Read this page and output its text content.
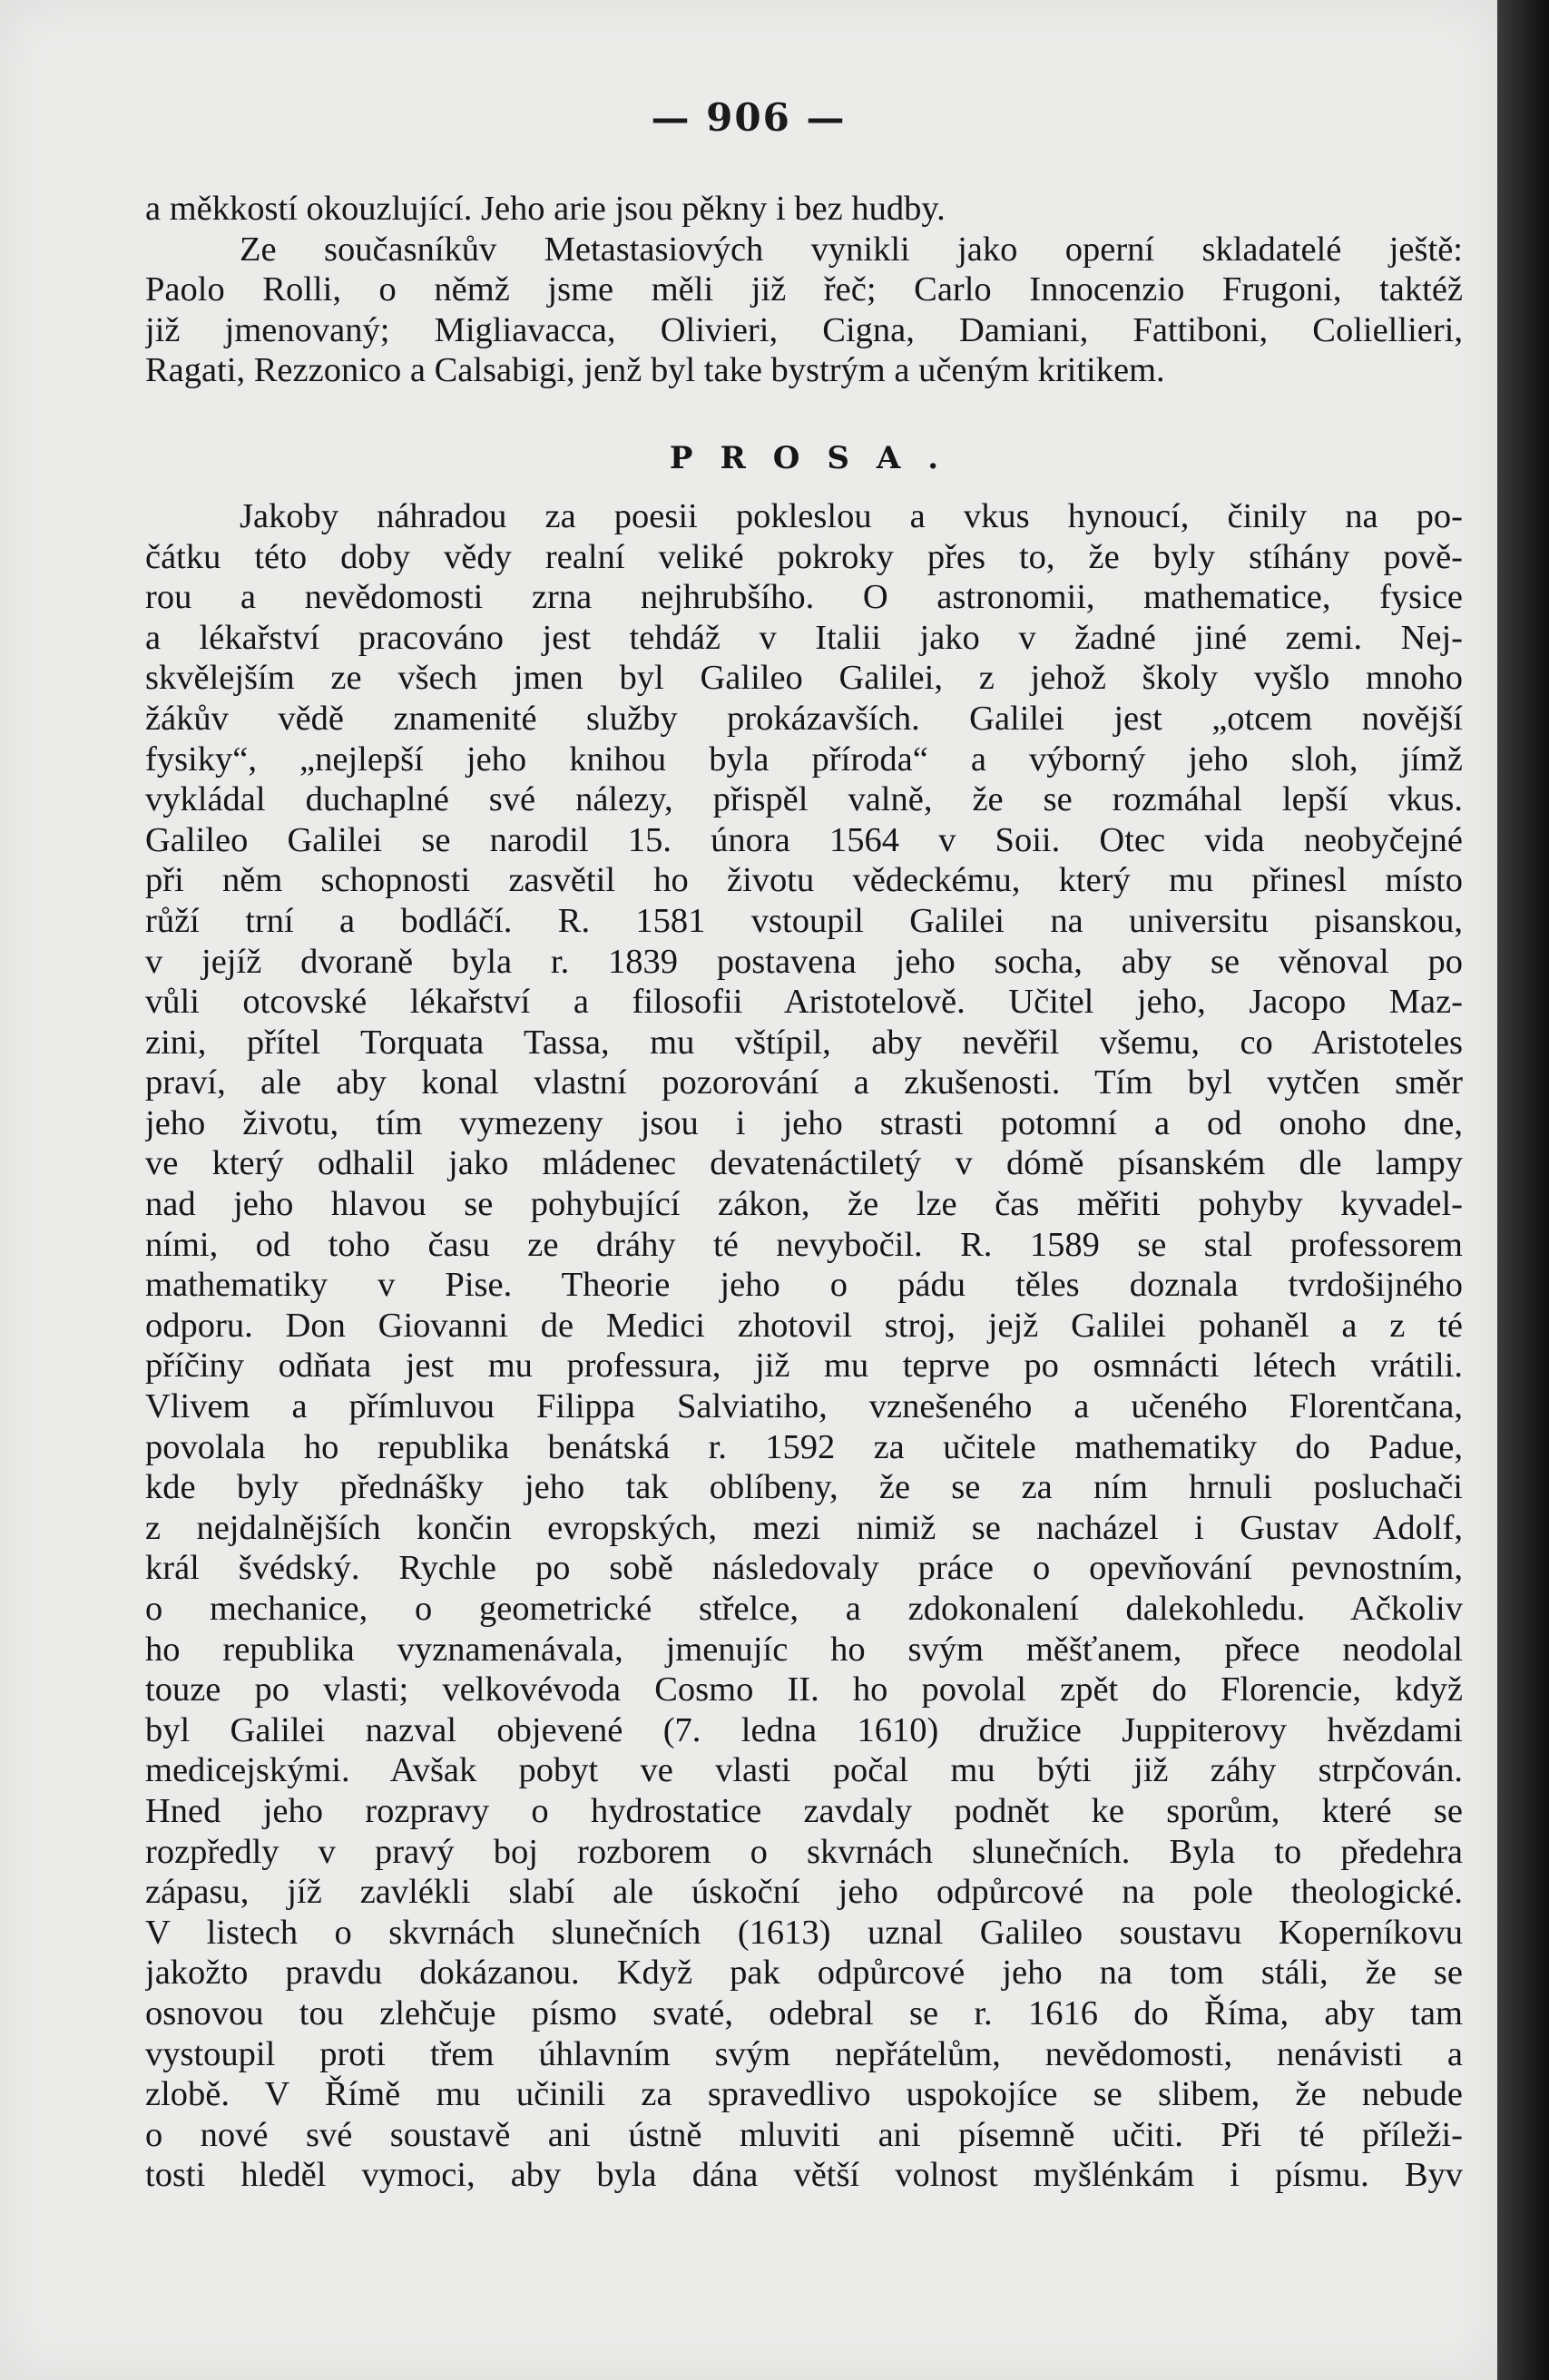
— 906 —
a měkkostí okouzlující. Jeho arie jsou pěkny i bez hudby.
Ze současníkův Metastasiových vynikli jako operní skladatelé ještě:
Paolo Rolli, o němž jsme měli již řeč; Carlo Innocenzio Frugoni, taktéž
již jmenovaný; Migliavacca, Olivieri, Cigna, Damiani, Fattiboni, Coliellieri,
Ragati, Rezzonico a Calsabigi, jenž byl take bystrým a učeným kritikem.
PROSA.
Jakoby náhradou za poesii pokleslou a vkus hynoucí, činily na po-
čátku této doby vědy realní veliké pokroky přes to, že byly stíhány pově-
rou a nevědomosti zrna nejhrubšího. O astronomii, mathematice, fysice
a lékařství pracováno jest tehdáž v Italii jako v žadné jiné zemi. Nej-
skvělejším ze všech jmen byl Galileo Galilei, z jehož školy vyšlo mnoho
žákův vědě znamenité služby prokázavších. Galilei jest „otcem novější
fysiky“, „nejlepší jeho knihou byla příroda“ a výborný jeho sloh, jímž
vykládal duchaplné své nálezy, přispěl valně, že se rozmáhal lepší vkus.
Galileo Galilei se narodil 15. února 1564 v Soii. Otec vida neobyčejné
při něm schopnosti zasvětil ho životu vědeckému, který mu přinesl místo
růží trní a bodláčí. R. 1581 vstoupil Galilei na universitu pisanskou,
v jejíž dvoraně byla r. 1839 postavena jeho socha, aby se věnoval po
vůli otcovské lékařství a filosofii Aristotelově. Učitel jeho, Jacopo Maz-
zini, přítel Torquata Tassa, mu vštípil, aby nevěřil všemu, co Aristoteles
praví, ale aby konal vlastní pozorování a zkušenosti. Tím byl vytčen směr
jeho životu, tím vymezeny jsou i jeho strasti potomní a od onoho dne,
ve který odhalil jako mládenec devatenáctiletý v dómě písanském dle lampy
nad jeho hlavou se pohybující zákon, že lze čas měřiti pohyby kyvadel-
ními, od toho času ze dráhy té nevybočil. R. 1589 se stal professorem
mathematiky v Pise. Theorie jeho o pádu těles doznala tvrdošijného
odporu. Don Giovanni de Medici zhotovil stroj, jejž Galilei pohaněl a z té
příčiny odňata jest mu professura, již mu teprve po osmnácti létech vrátili.
Vlivem a přímluvou Filippa Salviatiho, vznešeného a učeného Florentčana,
povolala ho republika benátská r. 1592 za učitele mathematiky do Padue,
kde byly přednášky jeho tak oblíbeny, že se za ním hrnuli posluchači
z nejdalnějších končin evropských, mezi nimiž se nacházel i Gustav Adolf,
král švédský. Rychle po sobě následovaly práce o opevňování pevnostním,
o mechanice, o geometrické střelce, a zdokonalení dalekohledu. Ačkoliv
ho republika vyznamenávala, jmenujíc ho svým měšťanem, přece neodolal
touze po vlasti; velkovévoda Cosmo II. ho povolal zpět do Florencie, když
byl Galilei nazval objevené (7. ledna 1610) družice Juppiterovy hvězdami
medicejskými. Avšak pobyt ve vlasti počal mu býti již záhy strpčován.
Hned jeho rozpravy o hydrostatice zavdaly podnět ke sporům, které se
rozpředly v pravý boj rozborem o skvrnách slunečních. Byla to předehra
zápasu, jíž zavlékli slabí ale úskoční jeho odpůrcové na pole theologické.
V listech o skvrnách slunečních (1613) uznal Galileo soustavu Koperníkovu
jakožto pravdu dokázanou. Když pak odpůrcové jeho na tom stáli, že se
osnovou tou zlehčuje písmo svaté, odebral se r. 1616 do Říma, aby tam
vystoupil proti třem úhlavním svým nepřátelům, nevědomosti, nenávisti a
zlobě. V Římě mu učinili za spravedlivo uspokojíce se slibem, že nebude
o nové své soustavě ani ústně mluviti ani písemně učiti. Při té příleži-
tosti hleděl vymoci, aby byla dána větší volnost myšlénkám i písmu. Byv
